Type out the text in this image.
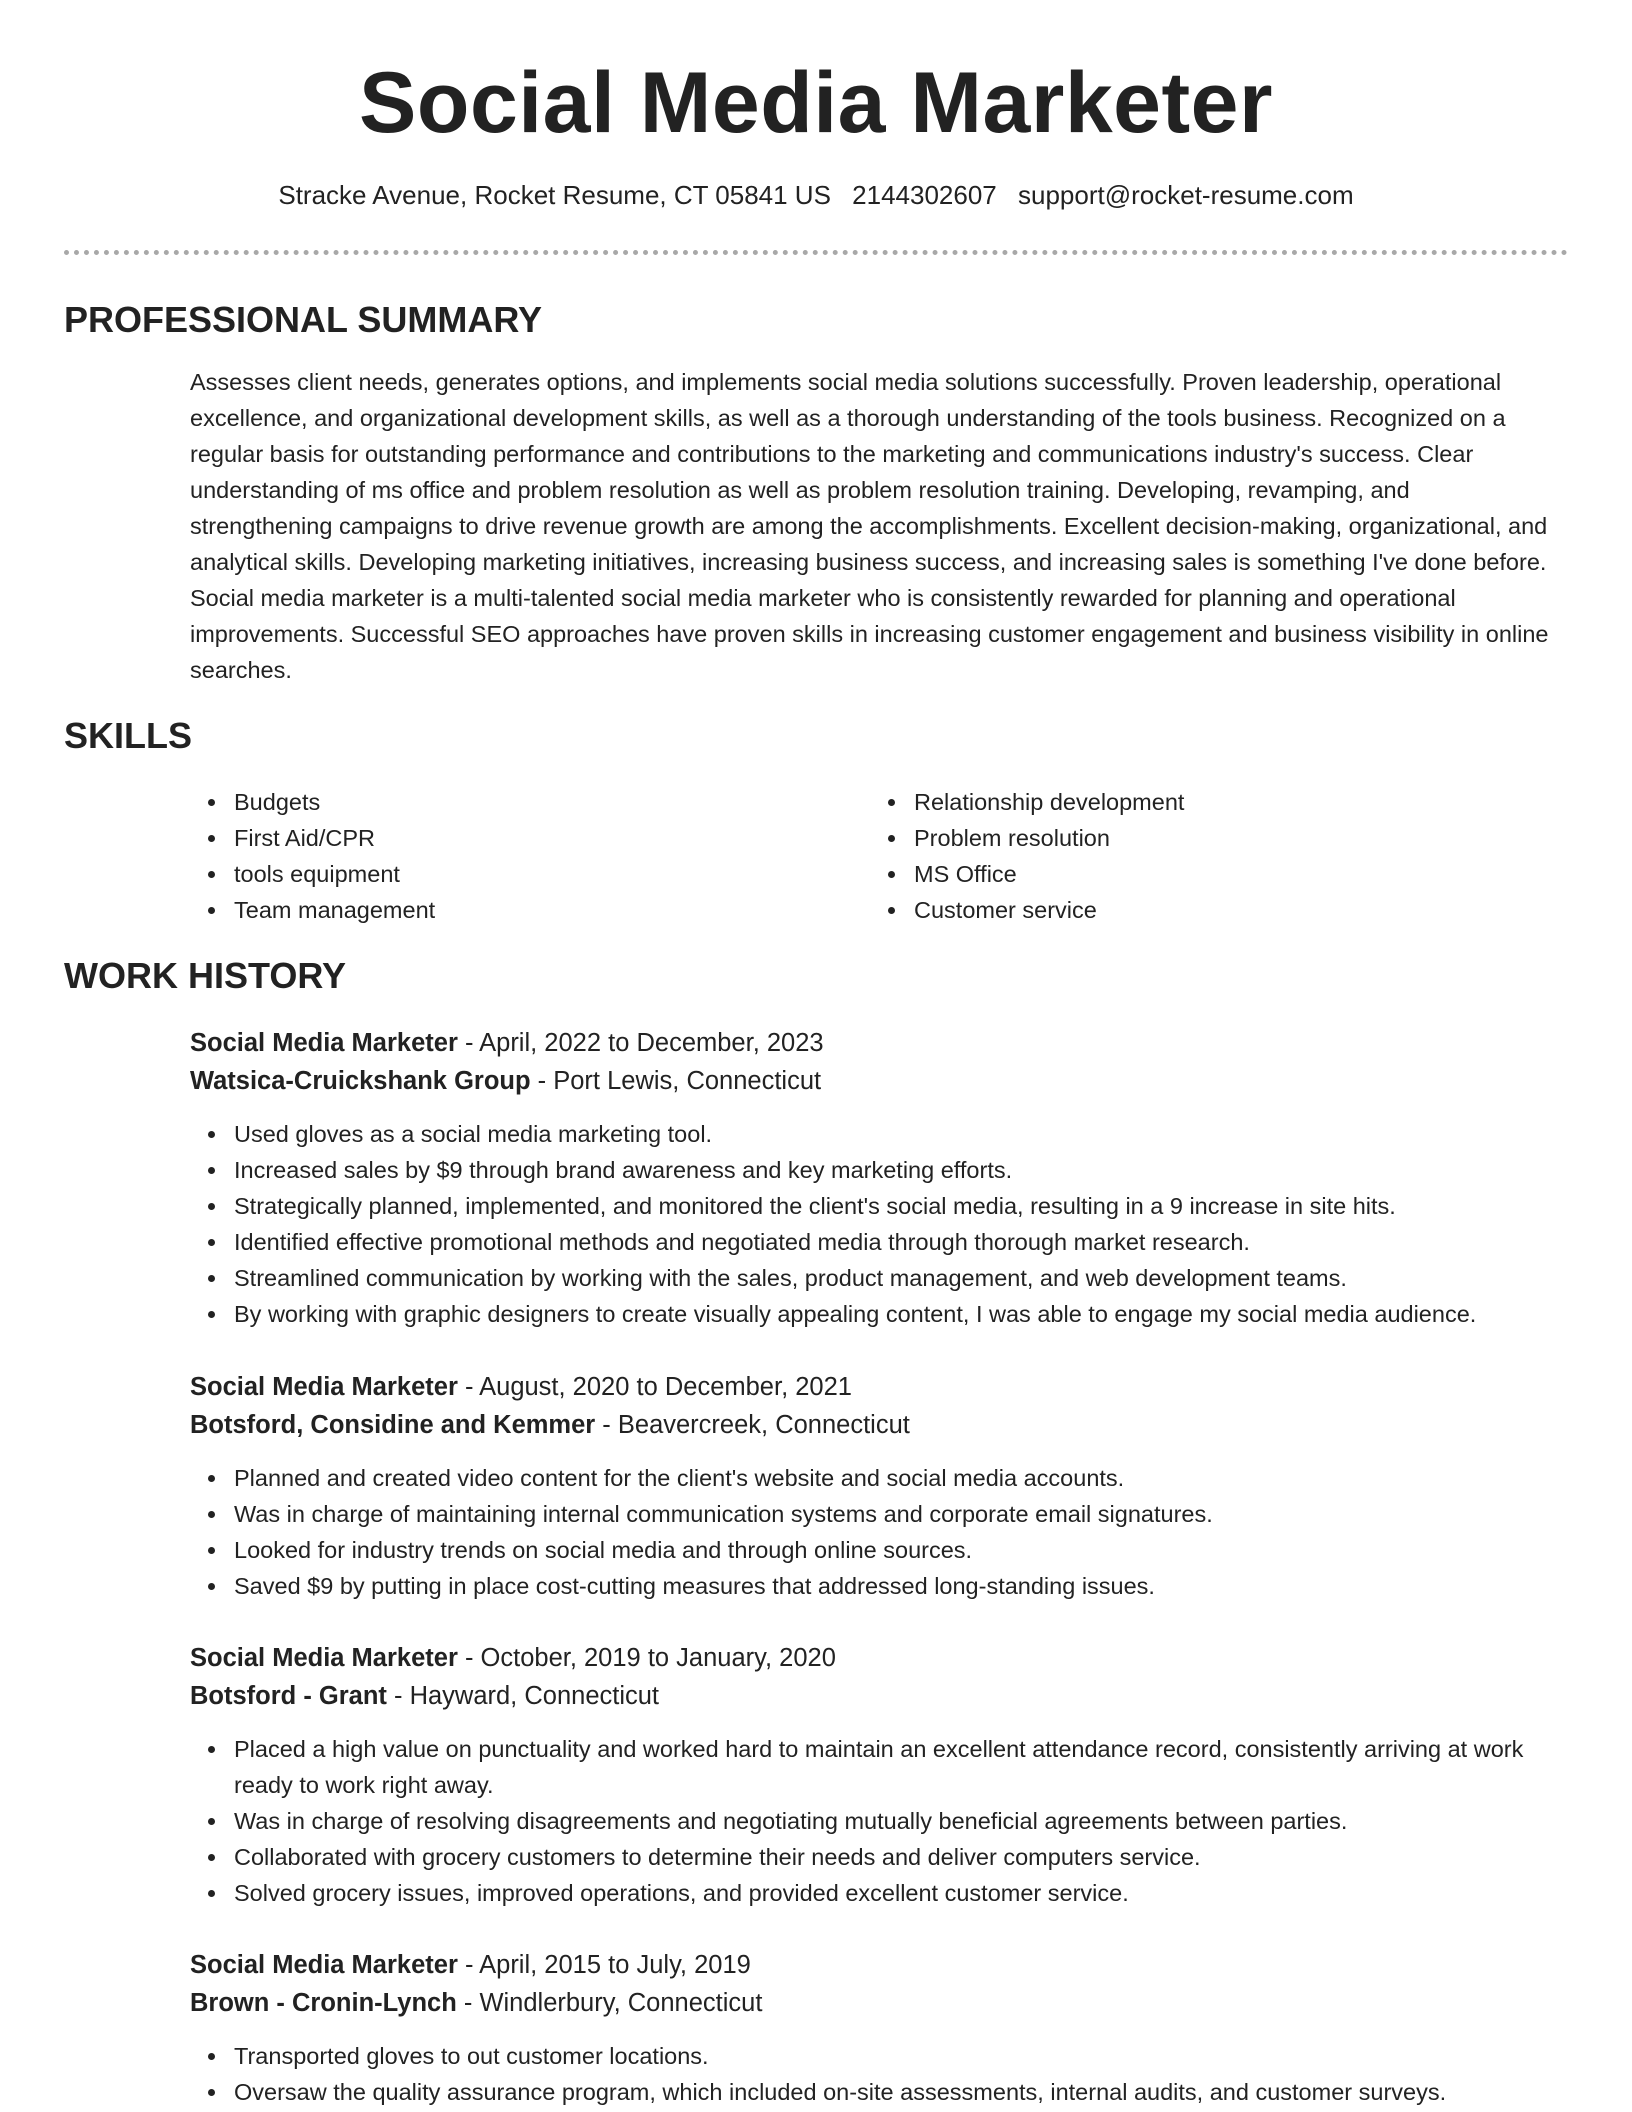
Social Media Marketer
Stracke Avenue, Rocket Resume, CT 05841 US 2144302607 support@rocket-resume.com
PROFESSIONAL SUMMARY

Assesses client needs, generates options, and implements social media solutions successfully. Proven leadership, operational excellence, and organizational development skills, as well as a thorough understanding of the tools business. Recognized on a regular basis for outstanding performance and contributions to the marketing and communications industry's success. Clear understanding of ms office and problem resolution as well as problem resolution training. Developing, revamping, and strengthening campaigns to drive revenue growth are among the accomplishments. Excellent decision-making, organizational, and analytical skills. Developing marketing initiatives, increasing business success, and increasing sales is something I've done before. Social media marketer is a multi-talented social media marketer who is consistently rewarded for planning and operational improvements. Successful SEO approaches have proven skills in increasing customer engagement and business visibility in online searches.

SKILLS
Budgets
First Aid/CPR
tools equipment
Team management
Relationship development
Problem resolution
MS Office
Customer service
WORK HISTORY
Social Media Marketer - April, 2022 to December, 2023
Watsica-Cruickshank Group - Port Lewis, Connecticut
Used gloves as a social media marketing tool.
Increased sales by $9 through brand awareness and key marketing efforts.
Strategically planned, implemented, and monitored the client's social media, resulting in a 9 increase in site hits.
Identified effective promotional methods and negotiated media through thorough market research.
Streamlined communication by working with the sales, product management, and web development teams.
By working with graphic designers to create visually appealing content, I was able to engage my social media audience.
Social Media Marketer - August, 2020 to December, 2021
Botsford, Considine and Kemmer - Beavercreek, Connecticut
Planned and created video content for the client's website and social media accounts.
Was in charge of maintaining internal communication systems and corporate email signatures.
Looked for industry trends on social media and through online sources.
Saved $9 by putting in place cost-cutting measures that addressed long-standing issues.
Social Media Marketer - October, 2019 to January, 2020
Botsford - Grant - Hayward, Connecticut
Placed a high value on punctuality and worked hard to maintain an excellent attendance record, consistently arriving at work ready to work right away.
Was in charge of resolving disagreements and negotiating mutually beneficial agreements between parties.
Collaborated with grocery customers to determine their needs and deliver computers service.
Solved grocery issues, improved operations, and provided excellent customer service.
Social Media Marketer - April, 2015 to July, 2019
Brown - Cronin-Lynch - Windlerbury, Connecticut
Transported gloves to out customer locations.
Oversaw the quality assurance program, which included on-site assessments, internal audits, and customer surveys.
